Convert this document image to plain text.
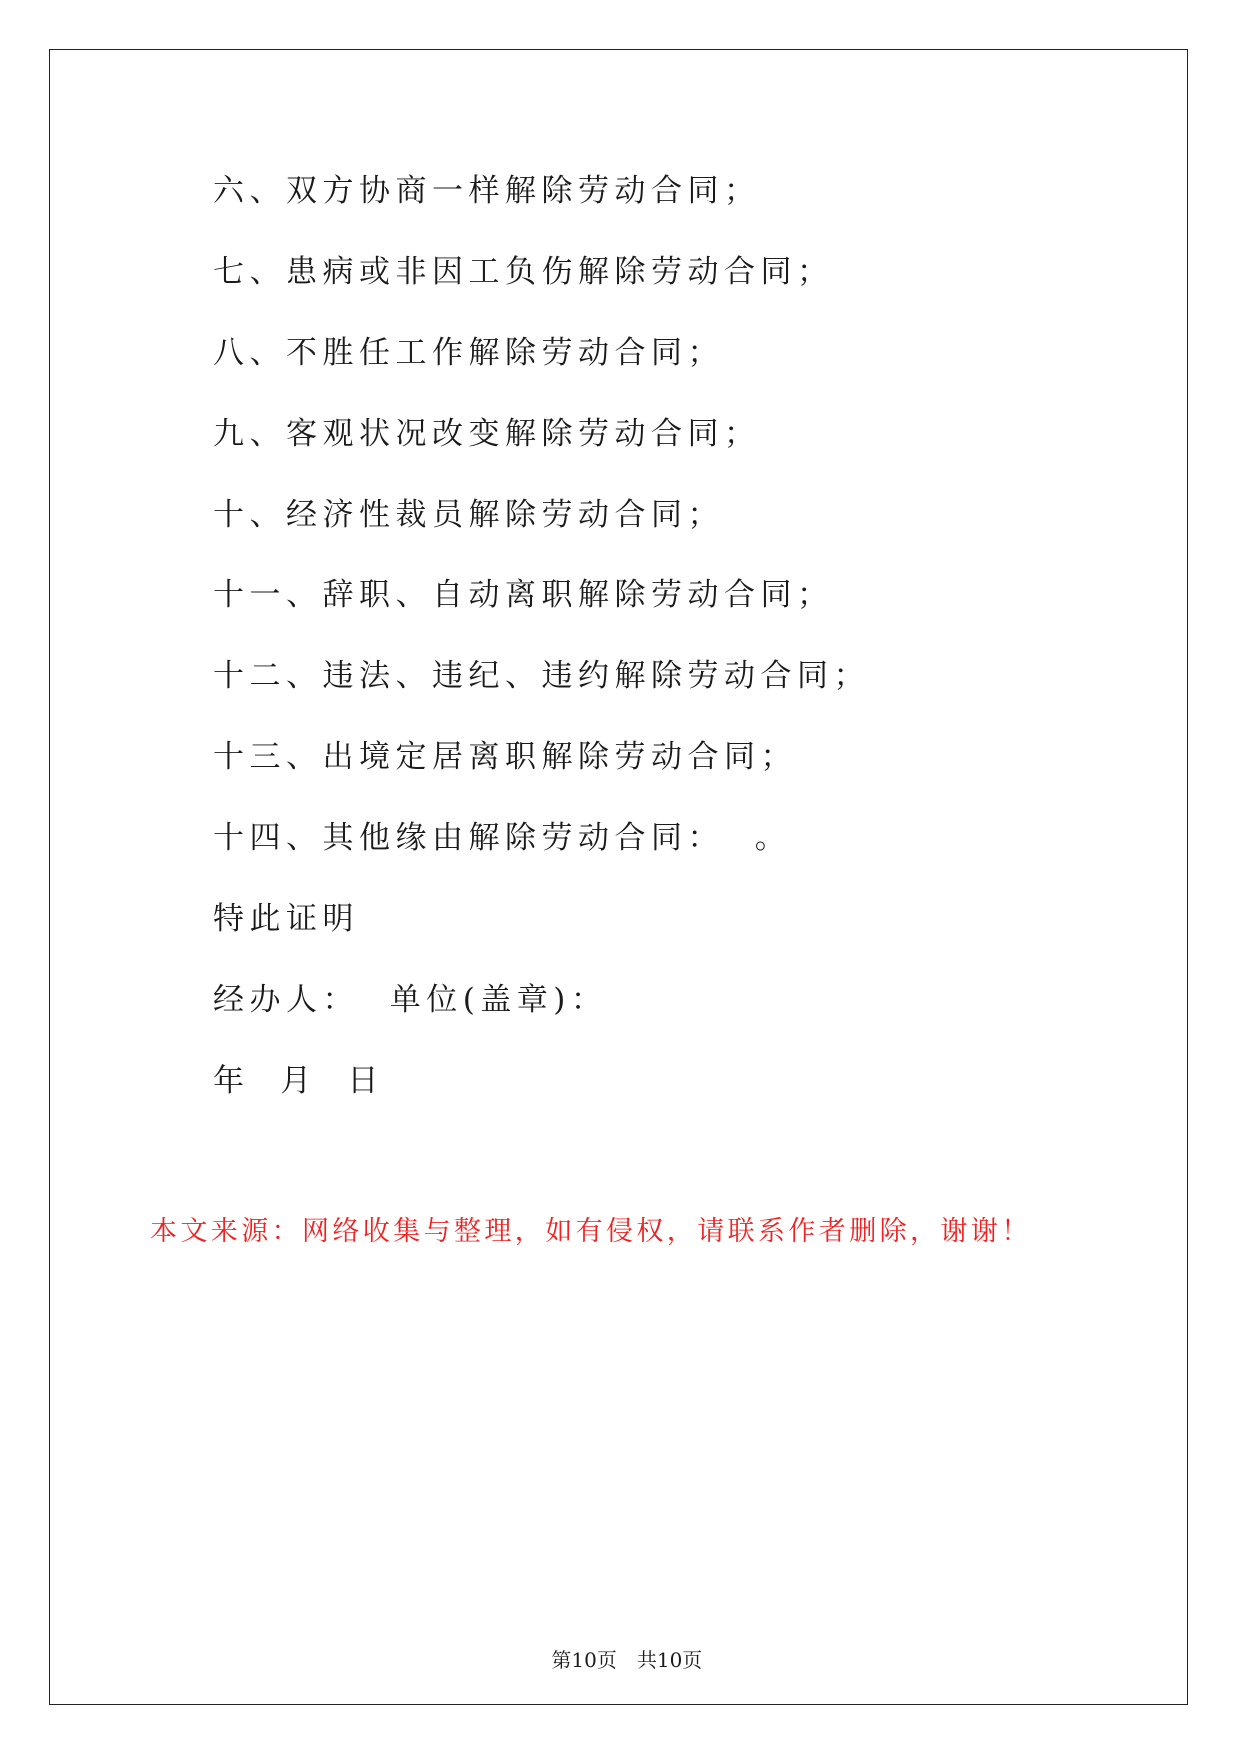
六、双方协商一样解除劳动合同；
七、患病或非因工负伤解除劳动合同；
八、不胜任工作解除劳动合同；
九、客观状况改变解除劳动合同；
十、经济性裁员解除劳动合同；
十一、辞职、自动离职解除劳动合同；
十二、违法、违纪、违约解除劳动合同；
十三、出境定居离职解除劳动合同；
十四、其他缘由解除劳动合同：  。
特此证明
经办人：  单位(盖章)：
年  月  日
本文来源：网络收集与整理，如有侵权，请联系作者删除，谢谢！

第10页 共10页
